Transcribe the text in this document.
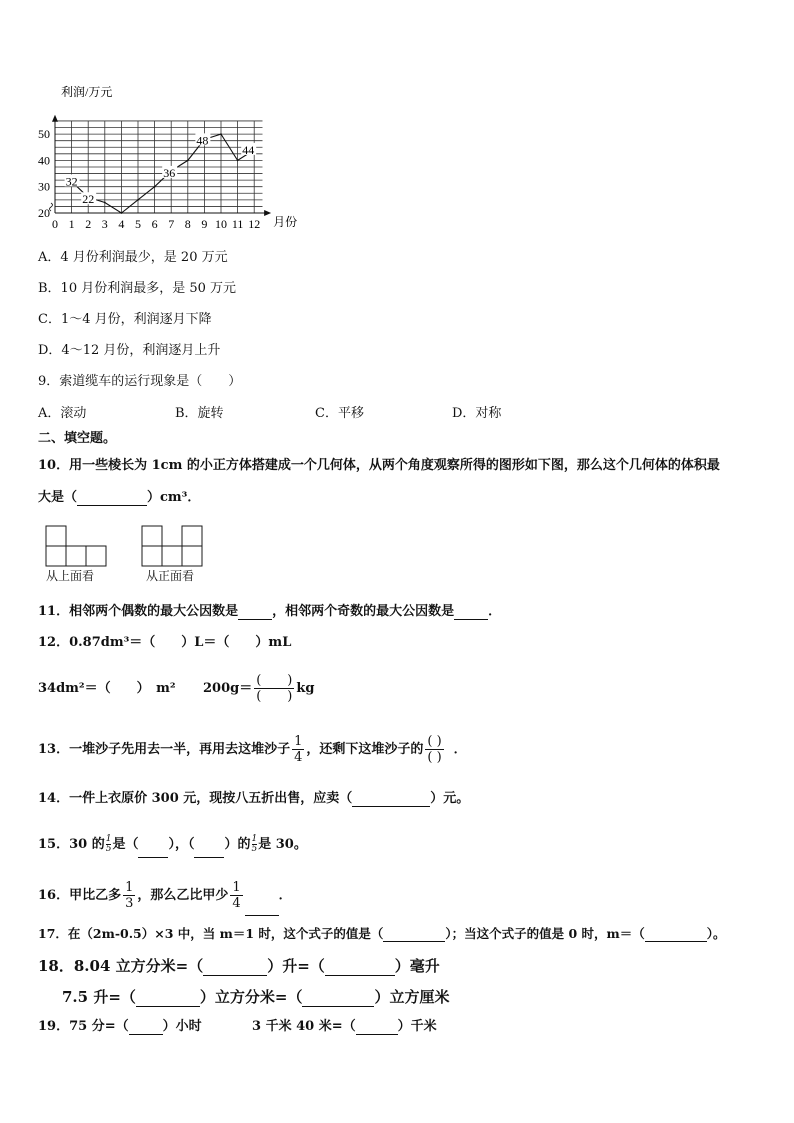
利润/万元
月份
20
30
40
50
0 1 2 3 4 5 6 7 8 9 10 11 12
32
22
36
48
44
A．4 月份利润最少，是 20 万元
B．10 月份利润最多，是 50 万元
C．1～4 月份，利润逐月下降
D．4～12 月份，利润逐月上升
9．索道缆车的运行现象是（　　）
A．滚动	B．旋转	C．平移	D．对称
二、填空题。
10．用一些棱长为 1cm 的小正方体搭建成一个几何体，从两个角度观察所得的图形如下图，那么这个几何体的体积最
大是（	）cm³．
从上面看	从正面看
11．相邻两个偶数的最大公因数是	，相邻两个奇数的最大公因数是	．
12．0.87dm³＝（　　）L＝（　　）mL
34dm²＝（　　）　m² $200g= \frac{( )}{( )}$ kg
13．一堆沙子先用去一半，再用去这堆沙子 $\frac{1}{4}$ ，还剩下这堆沙子的 $\frac{( )}{( )}$ ．
14．一件上衣原价 300 元，现按八五折出售，应卖（	）元。
15．30 的 $\frac{1}{5}$ 是（ ），（ ）的 $\frac{1}{5}$ 是 30。
16．甲比乙多 $\frac{1}{3}$ ，那么乙比甲少 $\frac{1}{4}$	．
17．在（2m-0.5）×3 中，当 m＝1 时，这个式子的值是（	）；当这个式子的值是 0 时，m＝（	）。
18．8.04 立方分米=（	）升=（	）毫升
7.5 升=（	）立方分米=（	）立方厘米
19．75 分=（	）小时	3 千米 40 米=（	）千米
